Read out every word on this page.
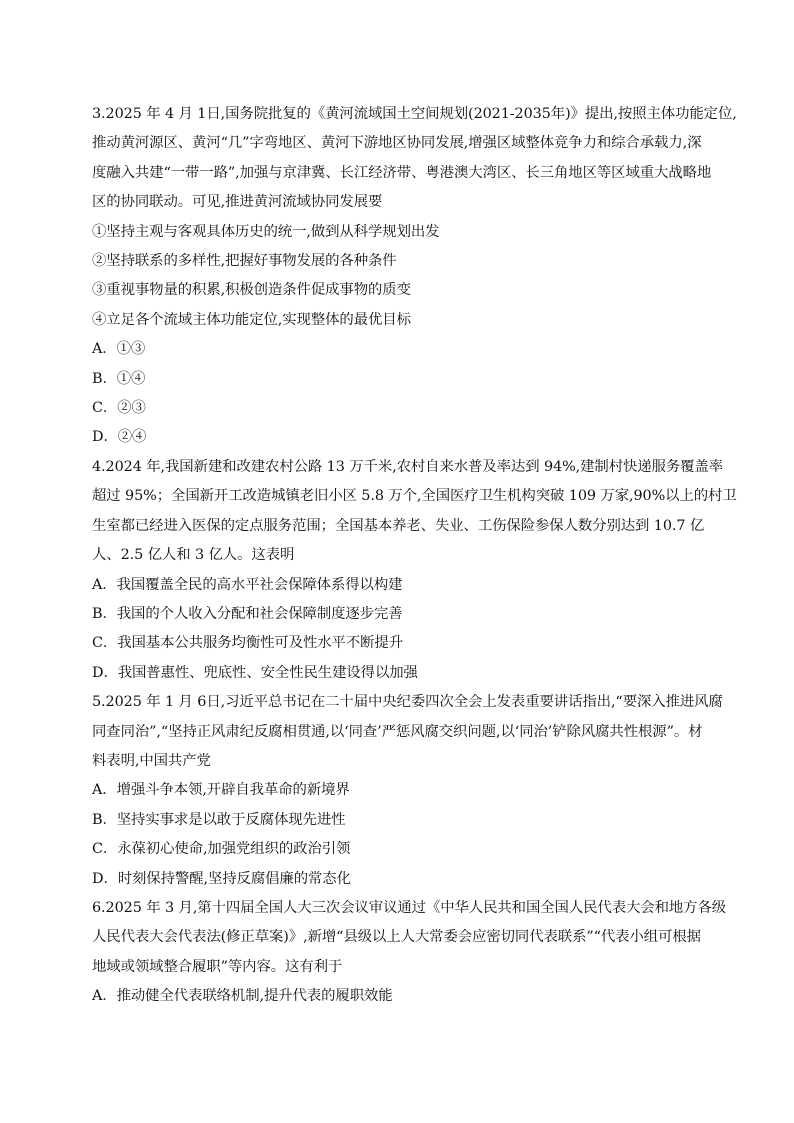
3.2025 年 4 月 1日,国务院批复的《黄河流域国土空间规划(2021-2035年)》提出,按照主体功能定位,
推动黄河源区、黄河“几”字弯地区、黄河下游地区协同发展,增强区域整体竞争力和综合承载力,深
度融入共建“一带一路”,加强与京津冀、长江经济带、粤港澳大湾区、长三角地区等区域重大战略地
区的协同联动。可见,推进黄河流域协同发展要
①坚持主观与客观具体历史的统一,做到从科学规划出发
②坚持联系的多样性,把握好事物发展的各种条件
③重视事物量的积累,积极创造条件促成事物的质变
④立足各个流域主体功能定位,实现整体的最优目标
A．①③
B．①④
C．②③
D．②④
4.2024 年,我国新建和改建农村公路 13 万千米,农村自来水普及率达到 94%,建制村快递服务覆盖率
超过 95%；全国新开工改造城镇老旧小区 5.8 万个,全国医疗卫生机构突破 109 万家,90%以上的村卫
生室都已经进入医保的定点服务范围；全国基本养老、失业、工伤保险参保人数分别达到 10.7 亿
人、2.5 亿人和 3 亿人。这表明
A．我国覆盖全民的高水平社会保障体系得以构建
B．我国的个人收入分配和社会保障制度逐步完善
C．我国基本公共服务均衡性可及性水平不断提升
D．我国普惠性、兜底性、安全性民生建设得以加强
5.2025 年 1 月 6日,习近平总书记在二十届中央纪委四次全会上发表重要讲话指出,“要深入推进风腐
同查同治”,“坚持正风肃纪反腐相贯通,以‘同查’严惩风腐交织问题,以‘同治’铲除风腐共性根源”。材
料表明,中国共产党
A．增强斗争本领,开辟自我革命的新境界
B．坚持实事求是以敢于反腐体现先进性
C．永葆初心使命,加强党组织的政治引领
D．时刻保持警醒,坚持反腐倡廉的常态化
6.2025 年 3 月,第十四届全国人大三次会议审议通过《中华人民共和国全国人民代表大会和地方各级
人民代表大会代表法(修正草案)》,新增“县级以上人大常委会应密切同代表联系”“代表小组可根据
地域或领域整合履职”等内容。这有利于
A．推动健全代表联络机制,提升代表的履职效能
